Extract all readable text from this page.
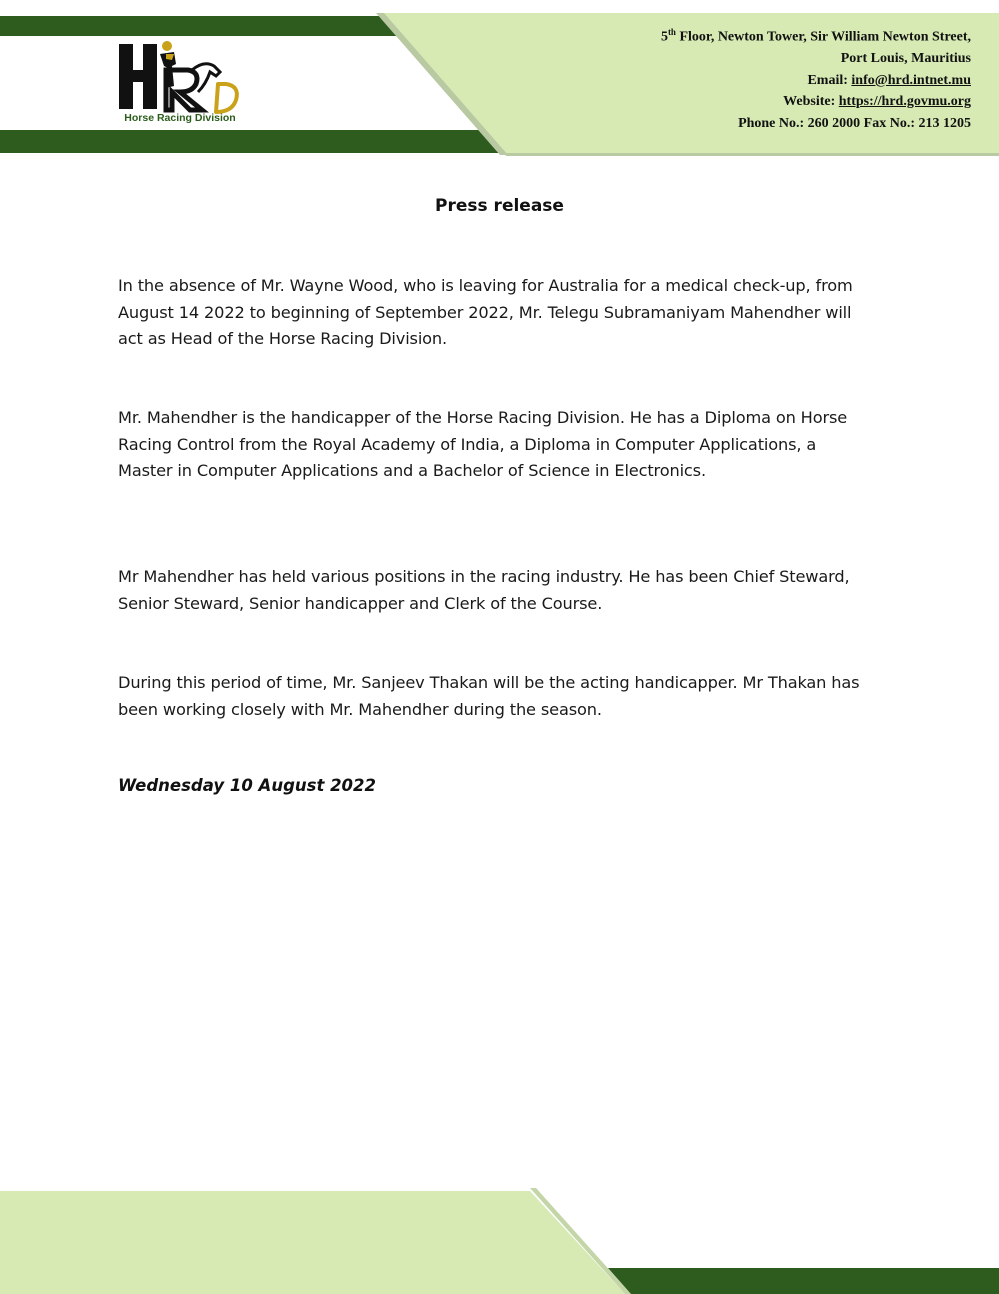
Horse Racing Division
5th Floor, Newton Tower, Sir William Newton Street,
Port Louis, Mauritius
Email: info@hrd.intnet.mu
Website: https://hrd.govmu.org
Phone No.: 260 2000 Fax No.: 213 1205
Press release
In the absence of Mr. Wayne Wood, who is leaving for Australia for a medical check-up, from August 14 2022 to beginning of September 2022, Mr. Telegu Subramaniyam Mahendher will act as Head of the Horse Racing Division.
Mr. Mahendher is the handicapper of the Horse Racing Division. He has a Diploma on Horse Racing Control from the Royal Academy of India, a Diploma in Computer Applications, a Master in Computer Applications and a Bachelor of Science in Electronics.
Mr Mahendher has held various positions in the racing industry. He has been Chief Steward, Senior Steward, Senior handicapper and Clerk of the Course.
During this period of time, Mr. Sanjeev Thakan will be the acting handicapper. Mr Thakan has been working closely with Mr. Mahendher during the season.
Wednesday 10 August 2022
